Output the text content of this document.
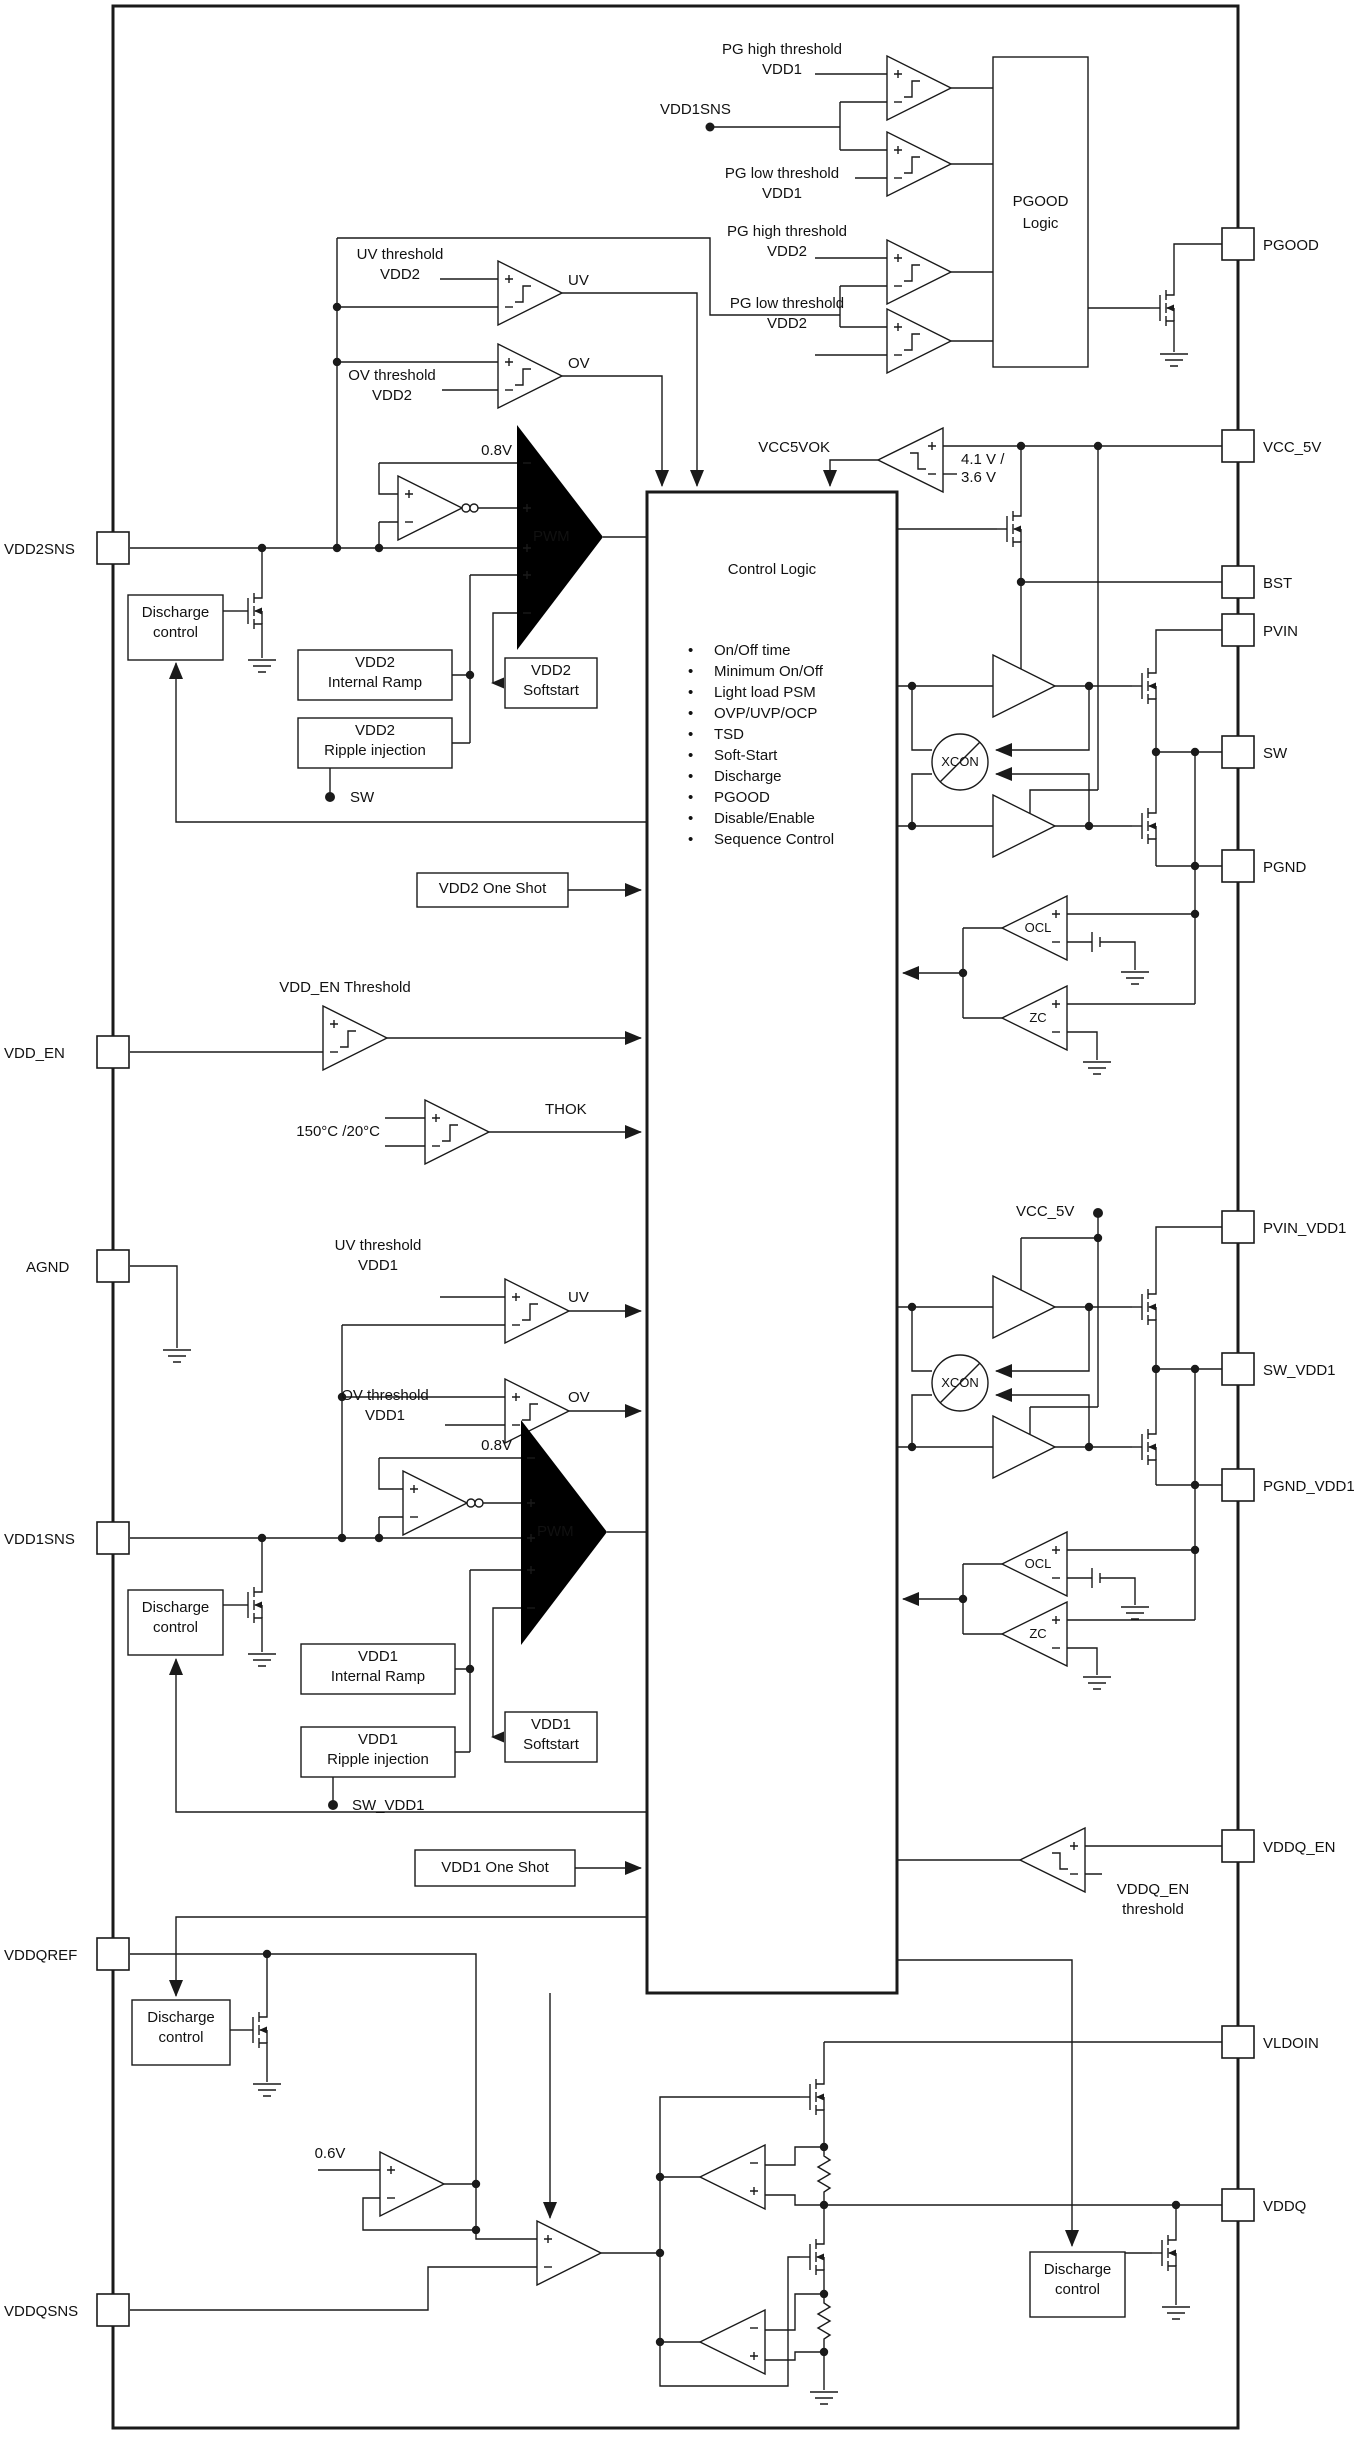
VDD2SNS
VDD_EN
AGND
VDD1SNS
VDDQREF
VDDQSNS
PGOOD
VCC_5V
BST
PVIN
SW
PGND
PVIN_VDD1
SW_VDD1
PGND_VDD1
VDDQ_EN
VLDOIN
VDDQ
PG high threshold
VDD1
VDD1SNS
PG low threshold
VDD1
PG high threshold
VDD2
PG low threshold
VDD2
PGOOD
Logic
UV threshold
VDD2	UV
OV threshold
VDD2
OV
VCC5VOK
4.1 V /
3.6 V
0.8V
PWM
Discharge
control
VDD2
Internal Ramp
VDD2
Ripple injection
VDD2
Softstart
SW
VDD2 One Shot
VDD_EN Threshold
150°C /20°C
THOK
UV threshold
VDD1
UV
OV threshold
VDD1
OV
0.8V
PWM
Discharge
control
VDD1
Internal Ramp
VDD1
Ripple injection
VDD1
Softstart
SW_VDD1
VDD1 One Shot
Control Logic
• On/Off time
• Minimum On/Off
• Light load PSM
• OVP/UVP/OCP
• TSD
• Soft-Start
• Discharge
• PGOOD
• Disable/Enable
• Sequence Control
XCON
OCL
ZC
VCC_5V
XCON
OCL
ZC
VDDQ_EN
threshold
0.6V
Discharge
control
Discharge
control
